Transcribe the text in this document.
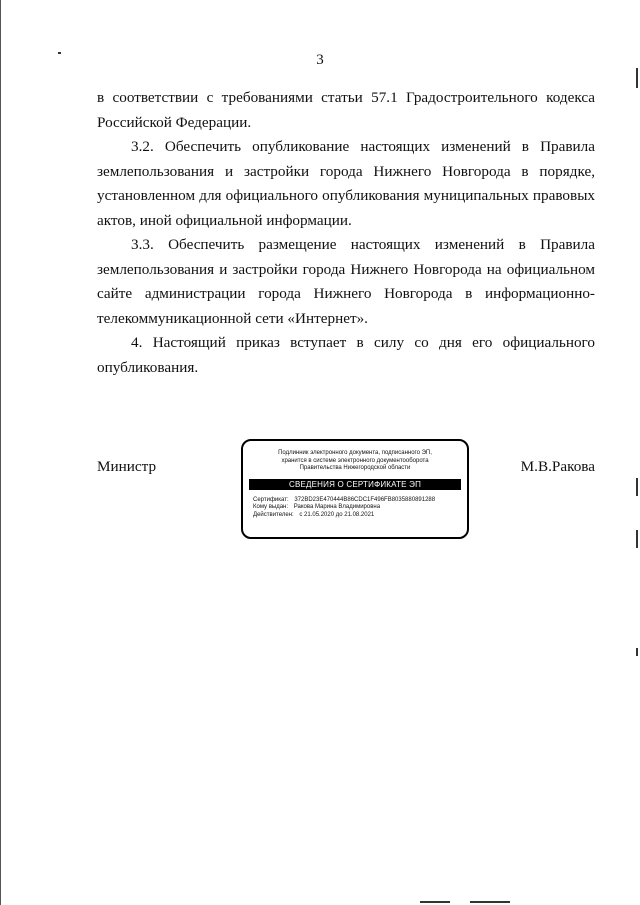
3

в соответствии с требованиями статьи 57.1 Градостроительного кодекса Российской Федерации.

3.2. Обеспечить опубликование настоящих изменений в Правила землепользования и застройки города Нижнего Новгорода в порядке, установленном для официального опубликования муниципальных правовых актов, иной официальной информации.

3.3. Обеспечить размещение настоящих изменений в Правила землепользования и застройки города Нижнего Новгорода на официальном сайте администрации города Нижнего Новгорода в информационно-телекоммуникационной сети «Интернет».

4. Настоящий приказ вступает в силу со дня его официального опубликования.

Министр
Подлинник электронного документа, подписанного ЭП,
хранится в системе электронного документооборота
Правительства Нижегородской области
СВЕДЕНИЯ О СЕРТИФИКАТЕ ЭП
Сертификат: 372BD23E470444B86CDC1F496FB8035880891288
Кому выдан: Ракова Марина Владимировна
Действителен: с 21.05.2020 до 21.08.2021
М.В.Ракова
